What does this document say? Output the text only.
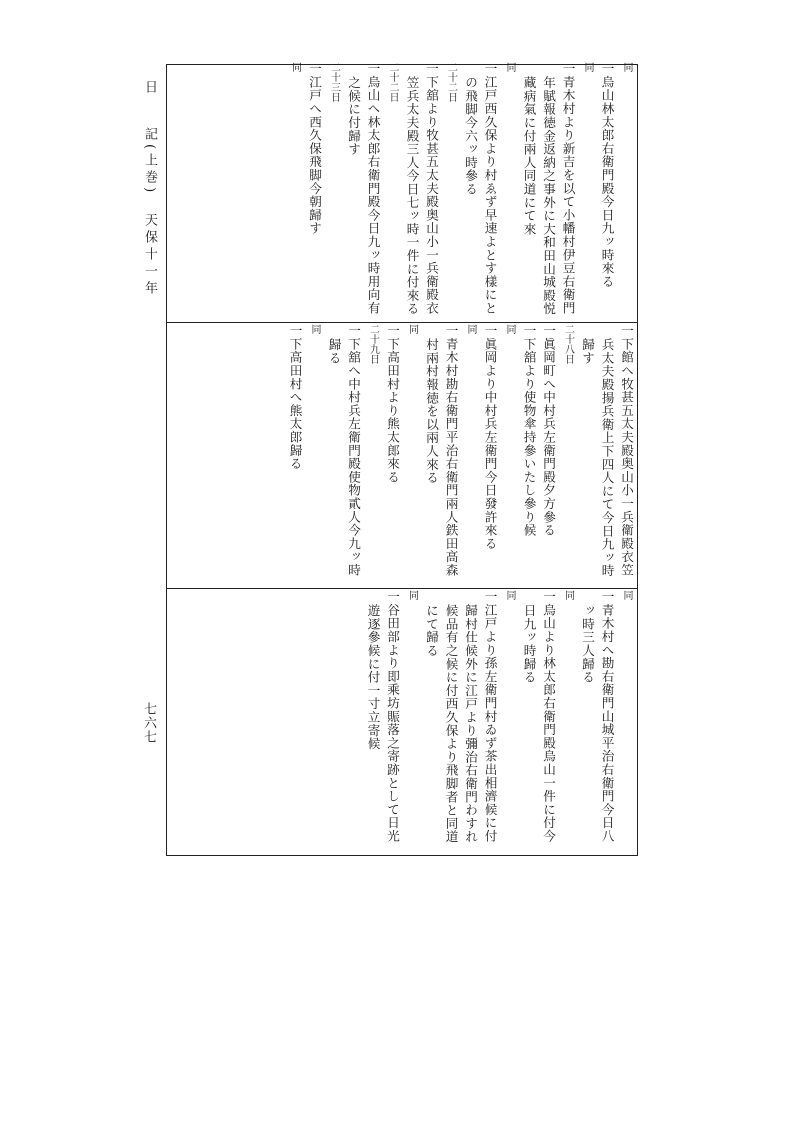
日記(上巻) 天保十一年
同
一烏山林太郎右衛門殿今日九ッ時來る
同
一青木村より新吉を以て小幡村伊豆右衛門
年賦報徳金返納之事外に大和田山城殿悦
藏病氣に付兩人同道にて來
同
一江戸西久保より村ゑず早速よとす樣にと
の飛脚今六ッ時參る
二十二日
一下舘より牧甚五太夫殿奥山小一兵衛殿衣
笠兵太夫殿三人今日七ッ時一件に付來る
二十二日
一烏山へ林太郎右衛門殿今日九ッ時用向有
之候に付歸す
二十三日
一江戸へ西久保飛脚今朝歸す
同
一下館へ牧甚五太夫殿奥山小一兵衛殿衣笠
兵太夫殿揚兵衛上下四人にて今日九ッ時
歸す
二十八日
一眞岡町へ中村兵左衛門殿夕方參る
一下舘より使物傘持參いたし參り候
同
一眞岡より中村兵左衛門今日發許來る
同
一青木村勘右衛門平治右衛門兩人鉄田高森
村兩村報徳を以兩人來る
同
一下高田村より熊太郎來る
二十九日
一下舘へ中村兵左衛門殿使物貳人今九ッ時
歸る
同
一下高田村へ熊太郎歸る
同
一青木村へ勘右衛門山城平治右衛門今日八
ッ時三人歸る
同
一烏山より林太郎右衛門殿烏山一件に付今
日九ッ時歸る
同
一江戸より孫左衛門村ゐず茶出相濟候に付
歸村仕候外に江戸より彌治右衛門わすれ
候品有之候に付西久保より飛脚者と同道
にて歸る
同
一谷田部より即乘坊賑落之寄跡として日光
遊逐參候に付一寸立寄候
七六七
